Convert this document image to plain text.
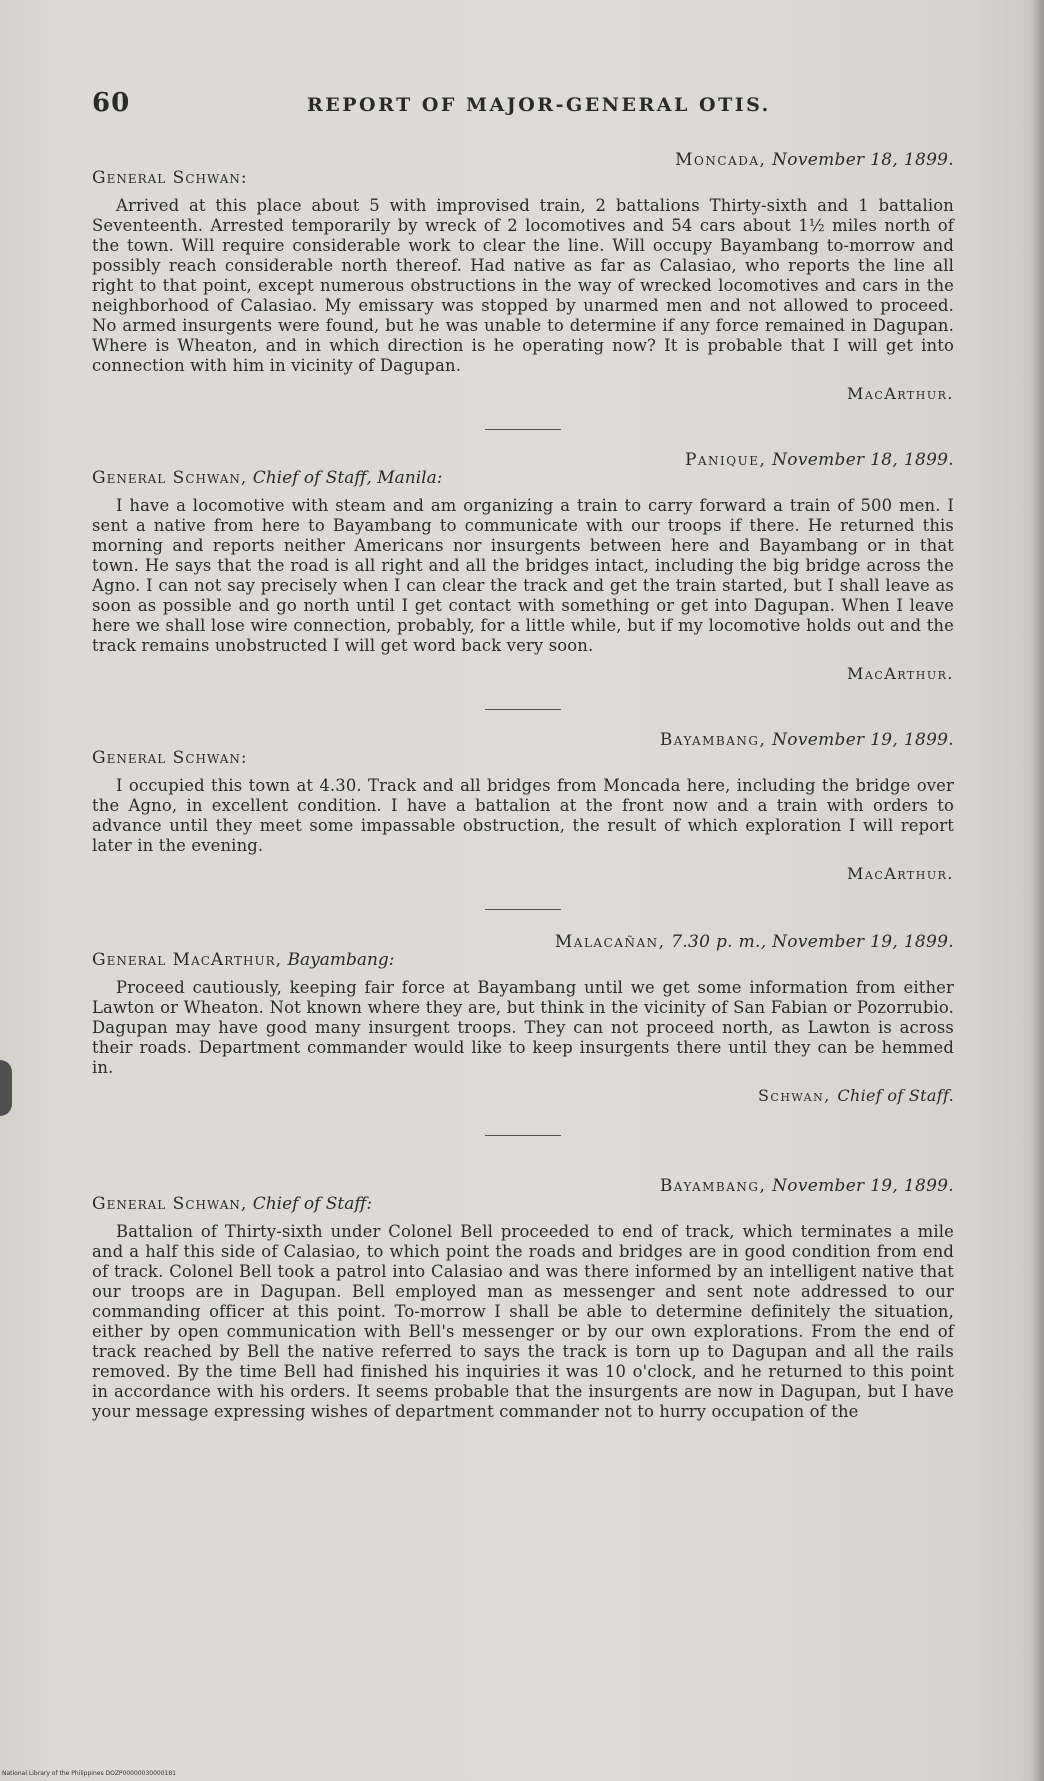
60	REPORT OF MAJOR-GENERAL OTIS.
Moncada, November 18, 1899.
General Schwan:

Arrived at this place about 5 with improvised train, 2 battalions Thirty-sixth and 1 battalion Seventeenth. Arrested temporarily by wreck of 2 locomotives and 54 cars about 1½ miles north of the town. Will require considerable work to clear the line. Will occupy Bayambang to-morrow and possibly reach considerable north thereof. Had native as far as Calasiao, who reports the line all right to that point, except numerous obstructions in the way of wrecked locomotives and cars in the neighborhood of Calasiao. My emissary was stopped by unarmed men and not allowed to proceed. No armed insurgents were found, but he was unable to determine if any force remained in Dagupan. Where is Wheaton, and in which direction is he operating now? It is probable that I will get into connection with him in vicinity of Dagupan.

MacArthur.
Panique, November 18, 1899.
General Schwan, Chief of Staff, Manila:

I have a locomotive with steam and am organizing a train to carry forward a train of 500 men. I sent a native from here to Bayambang to communicate with our troops if there. He returned this morning and reports neither Americans nor insurgents between here and Bayambang or in that town. He says that the road is all right and all the bridges intact, including the big bridge across the Agno. I can not say precisely when I can clear the track and get the train started, but I shall leave as soon as possible and go north until I get contact with something or get into Dagupan. When I leave here we shall lose wire connection, probably, for a little while, but if my locomotive holds out and the track remains unobstructed I will get word back very soon.

MacArthur.
Bayambang, November 19, 1899.
General Schwan:

I occupied this town at 4.30. Track and all bridges from Moncada here, including the bridge over the Agno, in excellent condition. I have a battalion at the front now and a train with orders to advance until they meet some impassable obstruction, the result of which exploration I will report later in the evening.

MacArthur.
Malacañan, 7.30 p. m., November 19, 1899.
General MacArthur, Bayambang:

Proceed cautiously, keeping fair force at Bayambang until we get some information from either Lawton or Wheaton. Not known where they are, but think in the vicinity of San Fabian or Pozorrubio. Dagupan may have good many insurgent troops. They can not proceed north, as Lawton is across their roads. Department commander would like to keep insurgents there until they can be hemmed in.

Schwan, Chief of Staff.
Bayambang, November 19, 1899.
General Schwan, Chief of Staff:

Battalion of Thirty-sixth under Colonel Bell proceeded to end of track, which terminates a mile and a half this side of Calasiao, to which point the roads and bridges are in good condition from end of track. Colonel Bell took a patrol into Calasiao and was there informed by an intelligent native that our troops are in Dagupan. Bell employed man as messenger and sent note addressed to our commanding officer at this point. To-morrow I shall be able to determine definitely the situation, either by open communication with Bell's messenger or by our own explorations. From the end of track reached by Bell the native referred to says the track is torn up to Dagupan and all the rails removed. By the time Bell had finished his inquiries it was 10 o'clock, and he returned to this point in accordance with his orders. It seems probable that the insurgents are now in Dagupan, but I have your message expressing wishes of department commander not to hurry occupation of the

National Library of the Philippines DOZP00000030000181
